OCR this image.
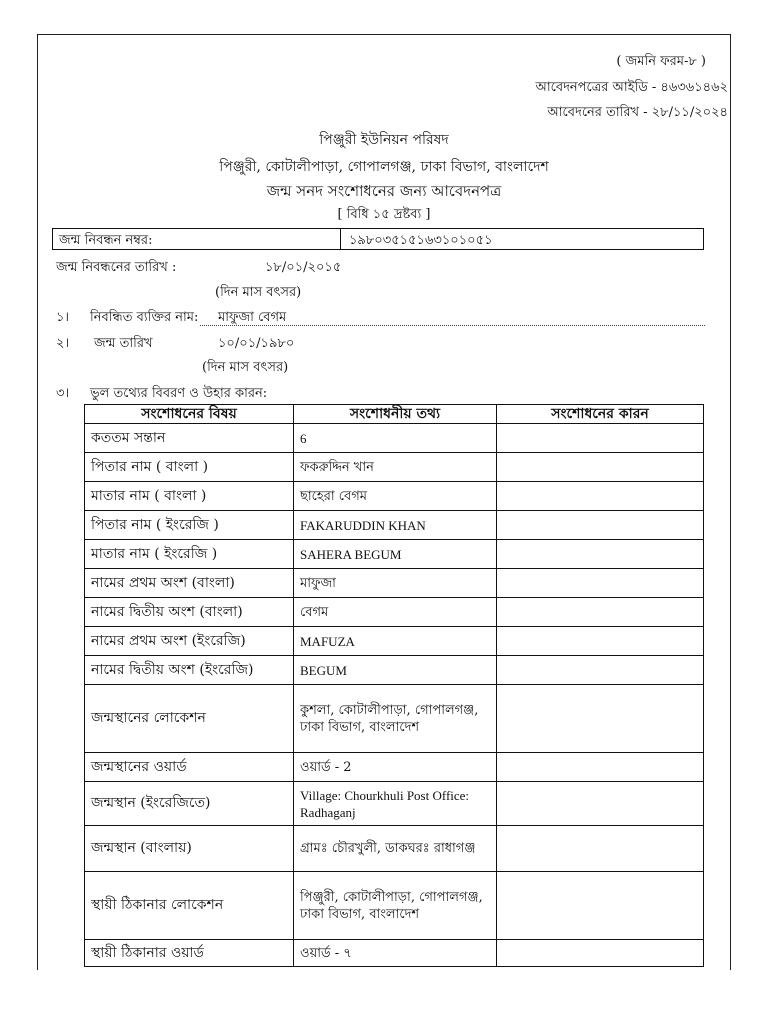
( জমনি ফরম-৮ )
আবেদনপত্রের আইডি - ৪৬৩৬১৪৬২
আবেদনের তারিখ - ২৮/১১/২০২৪
পিঞ্জুরী ইউনিয়ন পরিষদ
পিঞ্জুরী, কোটালীপাড়া, গোপালগঞ্জ, ঢাকা বিভাগ, বাংলাদেশ
জন্ম সনদ সংশোধনের জন্য আবেদনপত্র
[ বিধি ১৫ দ্রষ্টব্য ]
জন্ম নিবন্ধন নম্বর:	১৯৮০৩৫১৫১৬৩১০১০৫১
জন্ম নিবন্ধনের তারিখ :	১৮/০১/২০১৫
(দিন মাস বৎসর)
১। নিবন্ধিত ব্যক্তির নাম: মাফুজা বেগম
২। জন্ম তারিখ	১০/০১/১৯৮০
(দিন মাস বৎসর)
৩। ভুল তথ্যের বিবরণ ও উহার কারন:
সংশোধনের বিষয়	সংশোধনীয় তথ্য	সংশোধনের কারন
কততম সন্তান	6	
পিতার নাম ( বাংলা )	ফকরুদ্দিন খান	
মাতার নাম ( বাংলা )	ছাহেরা বেগম	
পিতার নাম ( ইংরেজি )	FAKARUDDIN KHAN	
মাতার নাম ( ইংরেজি )	SAHERA BEGUM	
নামের প্রথম অংশ (বাংলা)	মাফুজা	
নামের দ্বিতীয় অংশ (বাংলা)	বেগম	
নামের প্রথম অংশ (ইংরেজি)	MAFUZA	
নামের দ্বিতীয় অংশ (ইংরেজি)	BEGUM	
জন্মস্থানের লোকেশন	কুশলা, কোটালীপাড়া, গোপালগঞ্জ, ঢাকা বিভাগ, বাংলাদেশ	
জন্মস্থানের ওয়ার্ড	ওয়ার্ড - 2	
জন্মস্থান (ইংরেজিতে)	Village: Chourkhuli Post Office: Radhaganj	
জন্মস্থান (বাংলায়)	গ্রামঃ চৌরখুলী, ডাকঘরঃ রাধাগঞ্জ	
স্থায়ী ঠিকানার লোকেশন	পিঞ্জুরী, কোটালীপাড়া, গোপালগঞ্জ, ঢাকা বিভাগ, বাংলাদেশ	
স্থায়ী ঠিকানার ওয়ার্ড	ওয়ার্ড - ৭	
